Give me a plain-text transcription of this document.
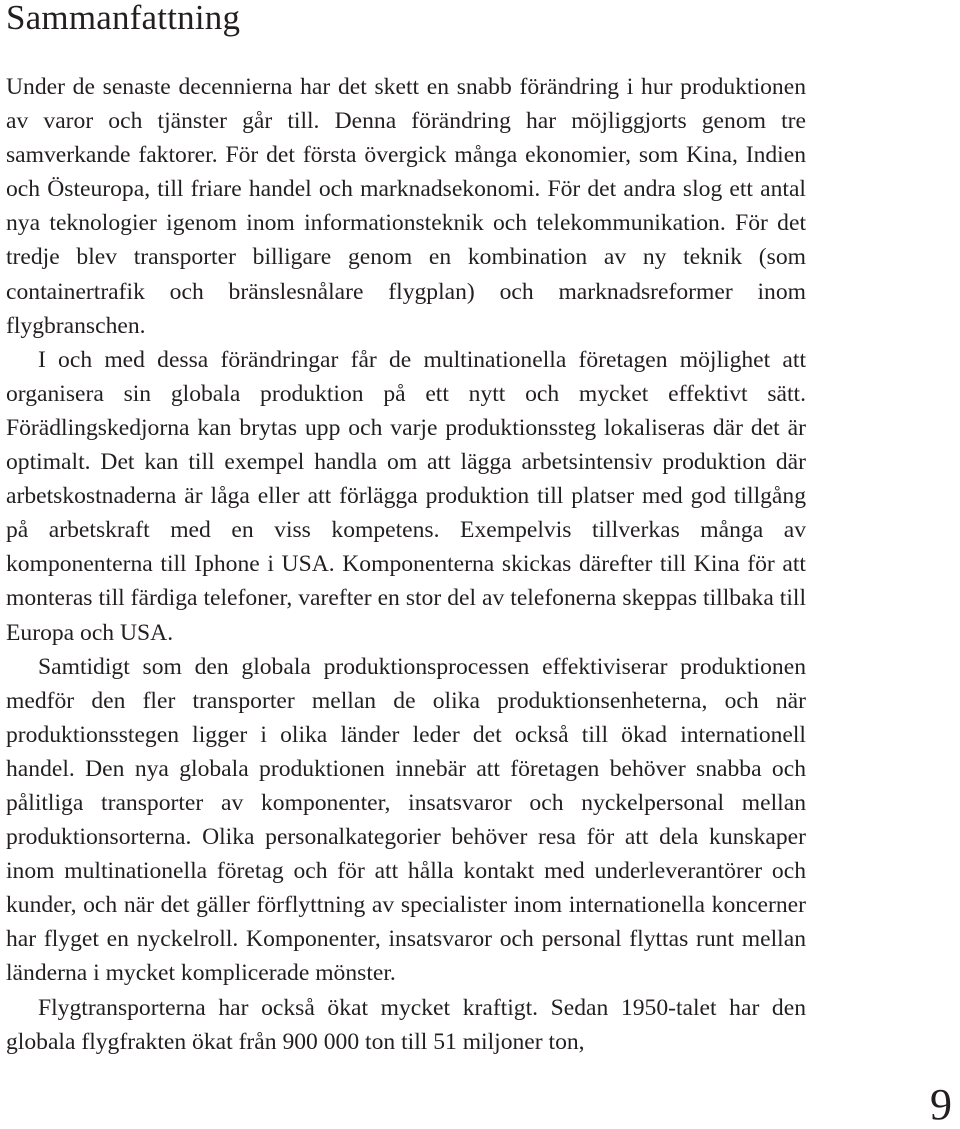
Sammanfattning

Under de senaste decennierna har det skett en snabb förändring i hur produktionen av varor och tjänster går till. Denna förändring har möjliggjorts genom tre samverkande faktorer. För det första övergick många ekonomier, som Kina, Indien och Östeuropa, till friare handel och marknadsekonomi. För det andra slog ett antal nya teknologier igenom inom informationsteknik och telekommunikation. För det tredje blev transporter billigare genom en kombination av ny teknik (som containertrafik och bränslesnålare flygplan) och marknadsreformer inom flygbranschen.

I och med dessa förändringar får de multinationella företagen möjlighet att organisera sin globala produktion på ett nytt och mycket effektivt sätt. Förädlingskedjorna kan brytas upp och varje produktionssteg lokaliseras där det är optimalt. Det kan till exempel handla om att lägga arbetsintensiv produktion där arbetskostnaderna är låga eller att förlägga produktion till platser med god tillgång på arbetskraft med en viss kompetens. Exempelvis tillverkas många av komponenterna till Iphone i USA. Komponenterna skickas därefter till Kina för att monteras till färdiga telefoner, varefter en stor del av telefonerna skeppas tillbaka till Europa och USA.

Samtidigt som den globala produktionsprocessen effektiviserar produktionen medför den fler transporter mellan de olika produktionsenheterna, och när produktionsstegen ligger i olika länder leder det också till ökad internationell handel. Den nya globala produktionen innebär att företagen behöver snabba och pålitliga transporter av komponenter, insatsvaror och nyckelpersonal mellan produktionsorterna. Olika personalkategorier behöver resa för att dela kunskaper inom multinationella företag och för att hålla kontakt med underleverantörer och kunder, och när det gäller förflyttning av specialister inom internationella koncerner har flyget en nyckelroll. Komponenter, insatsvaror och personal flyttas runt mellan länderna i mycket komplicerade mönster.

Flygtransporterna har också ökat mycket kraftigt. Sedan 1950-talet har den globala flygfrakten ökat från 900 000 ton till 51 miljoner ton,

9
